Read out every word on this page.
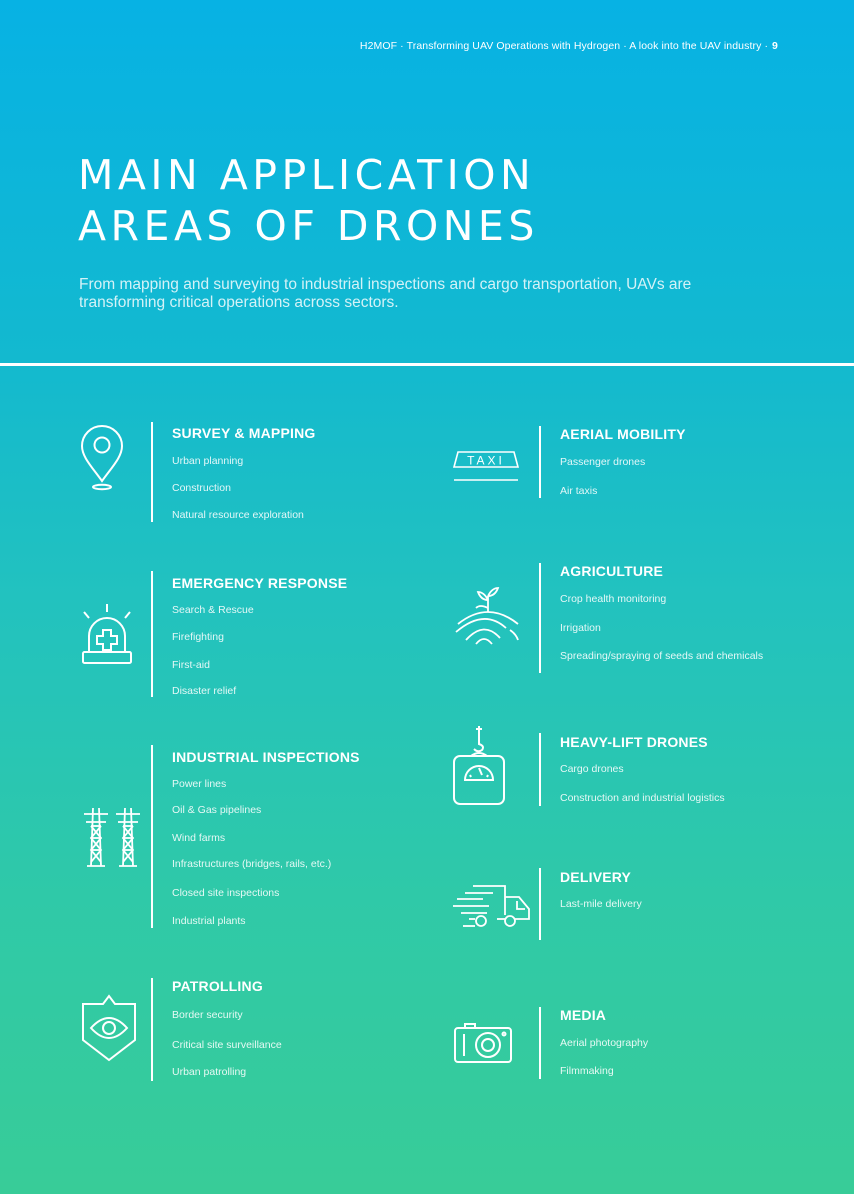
H2MOF · Transforming UAV Operations with Hydrogen · A look into the UAV industry · 9
MAIN APPLICATION
AREAS OF DRONES
From mapping and surveying to industrial inspections and cargo transportation, UAVs are transforming critical operations across sectors.
SURVEY & MAPPING
Urban planning
Construction
Natural resource exploration
EMERGENCY RESPONSE
Search & Rescue
Firefighting
First-aid
Disaster relief
INDUSTRIAL INSPECTIONS
Power lines
Oil & Gas pipelines
Wind farms
Infrastructures (bridges, rails, etc.)
Closed site inspections
Industrial plants
PATROLLING
Border security
Critical site surveillance
Urban patrolling
TAXI
AERIAL MOBILITY
Passenger drones
Air taxis
AGRICULTURE
Crop health monitoring
Irrigation
Spreading/spraying of seeds and chemicals
HEAVY-LIFT DRONES
Cargo drones
Construction and industrial logistics
DELIVERY
Last-mile delivery
MEDIA
Aerial photography
Filmmaking
